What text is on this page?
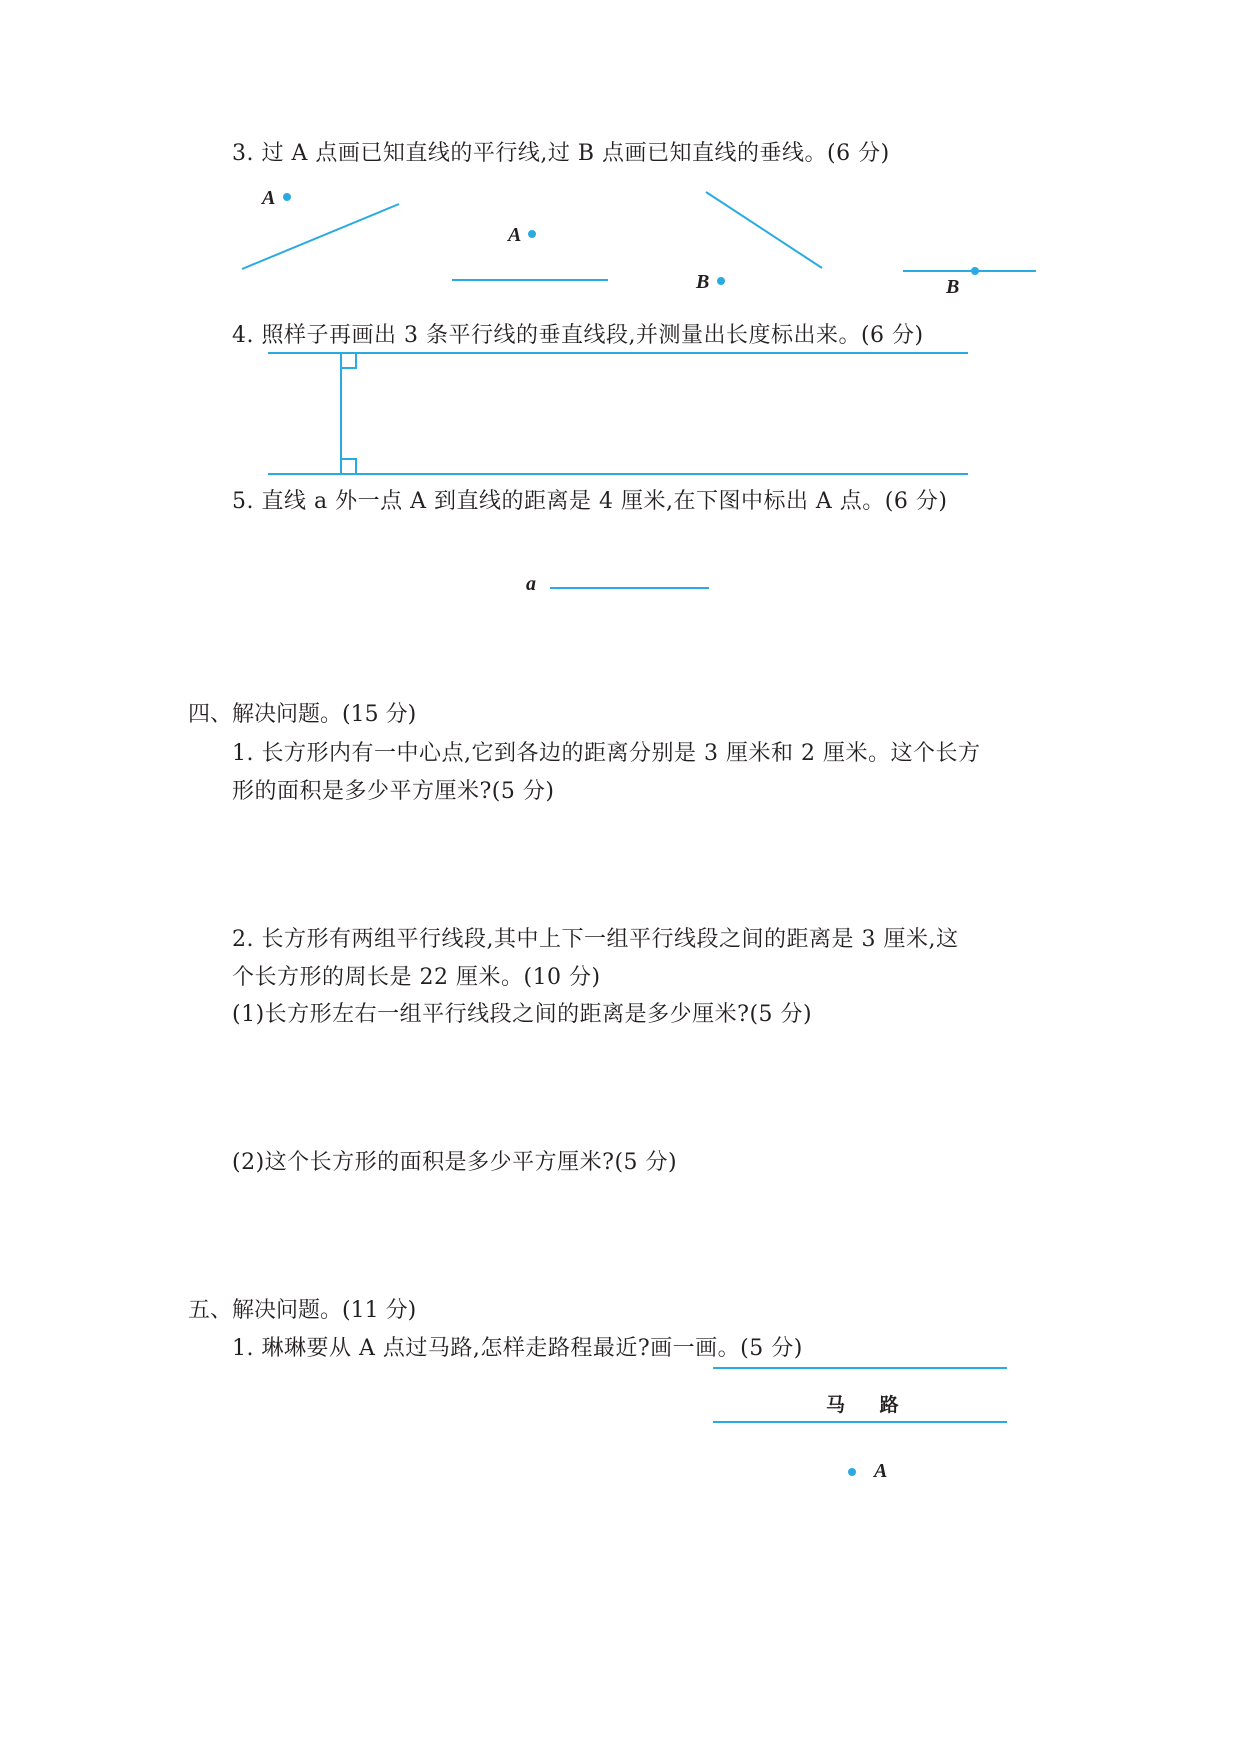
3. 过 A 点画已知直线的平行线,过 B 点画已知直线的垂线。(6 分)
A
A
B	B
4. 照样子再画出 3 条平行线的垂直线段,并测量出长度标出来。(6 分)
5. 直线 a 外一点 A 到直线的距离是 4 厘米,在下图中标出 A 点。(6 分)
a
四、解决问题。(15 分)
1. 长方形内有一中心点,它到各边的距离分别是 3 厘米和 2 厘米。这个长方
形的面积是多少平方厘米?(5 分)
2. 长方形有两组平行线段,其中上下一组平行线段之间的距离是 3 厘米,这
个长方形的周长是 22 厘米。(10 分)
(1)长方形左右一组平行线段之间的距离是多少厘米?(5 分)
(2)这个长方形的面积是多少平方厘米?(5 分)
五、解决问题。(11 分)
1. 琳琳要从 A 点过马路,怎样走路程最近?画一画。(5 分)
马 路
A
